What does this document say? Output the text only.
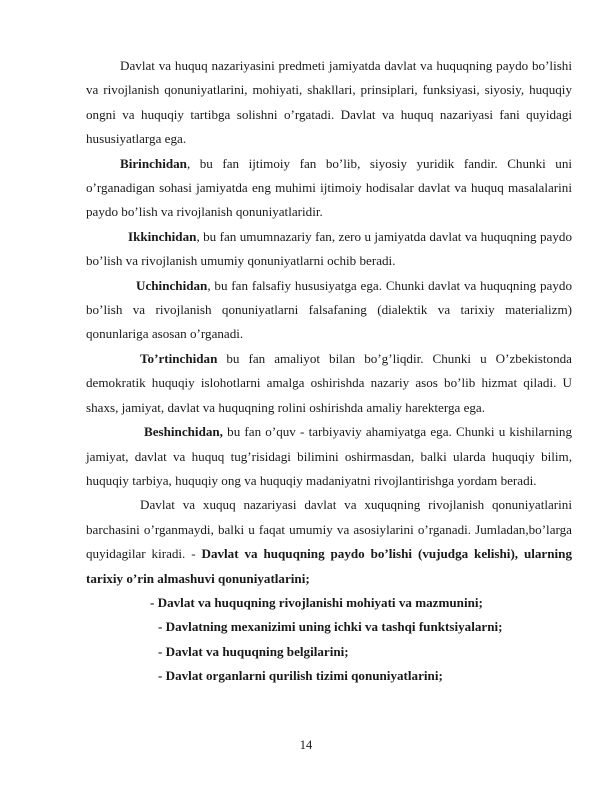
Davlat va huquq nazariyasini predmeti jamiyatda davlat va huquqning paydo bo’lishi va rivojlanish qonuniyatlarini, mohiyati, shakllari, prinsiplari, funksiyasi, siyosiy, huquqiy ongni va huquqiy tartibga solishni o’rgatadi. Davlat va huquq nazariyasi fani quyidagi hususiyatlarga ega.

Birinchidan, bu fan ijtimoiy fan bo’lib, siyosiy yuridik fandir. Chunki uni o’rganadigan sohasi jamiyatda eng muhimi ijtimoiy hodisalar davlat va huquq masalalarini paydo bo’lish va rivojlanish qonuniyatlaridir.

Ikkinchidan, bu fan umumnazariy fan, zero u jamiyatda davlat va huquqning paydo bo’lish va rivojlanish umumiy qonuniyatlarni ochib beradi.

Uchinchidan, bu fan falsafiy hususiyatga ega. Chunki davlat va huquqning paydo bo’lish va rivojlanish qonuniyatlarni falsafaning (dialektik va tarixiy materializm) qonunlariga asosan o’rganadi.

To’rtinchidan bu fan amaliyot bilan bo’g’liqdir. Chunki u O’zbekistonda demokratik huquqiy islohotlarni amalga oshirishda nazariy asos bo’lib hizmat qiladi. U shaxs, jamiyat, davlat va huquqning rolini oshirishda amaliy harekterga ega.

Beshinchidan, bu fan o’quv - tarbiyaviy ahamiyatga ega. Chunki u kishilarning jamiyat, davlat va huquq tug’risidagi bilimini oshirmasdan, balki ularda huquqiy bilim, huquqiy tarbiya, huquqiy ong va huquqiy madaniyatni rivojlantirishga yordam beradi.

Davlat va xuquq nazariyasi davlat va xuquqning rivojlanish qonuniyatlarini barchasini o’rganmaydi, balki u faqat umumiy va asosiylarini o’rganadi. Jumladan,bo’larga quyidagilar kiradi. - Davlat va huquqning paydo bo’lishi (vujudga kelishi), ularning tarixiy o’rin almashuvi qonuniyatlarini;

- Davlat va huquqning rivojlanishi mohiyati va mazmunini;

- Davlatning mexanizimi uning ichki va tashqi funktsiyalarni;

- Davlat va huquqning belgilarini;

- Davlat organlarni qurilish tizimi qonuniyatlarini;

14
